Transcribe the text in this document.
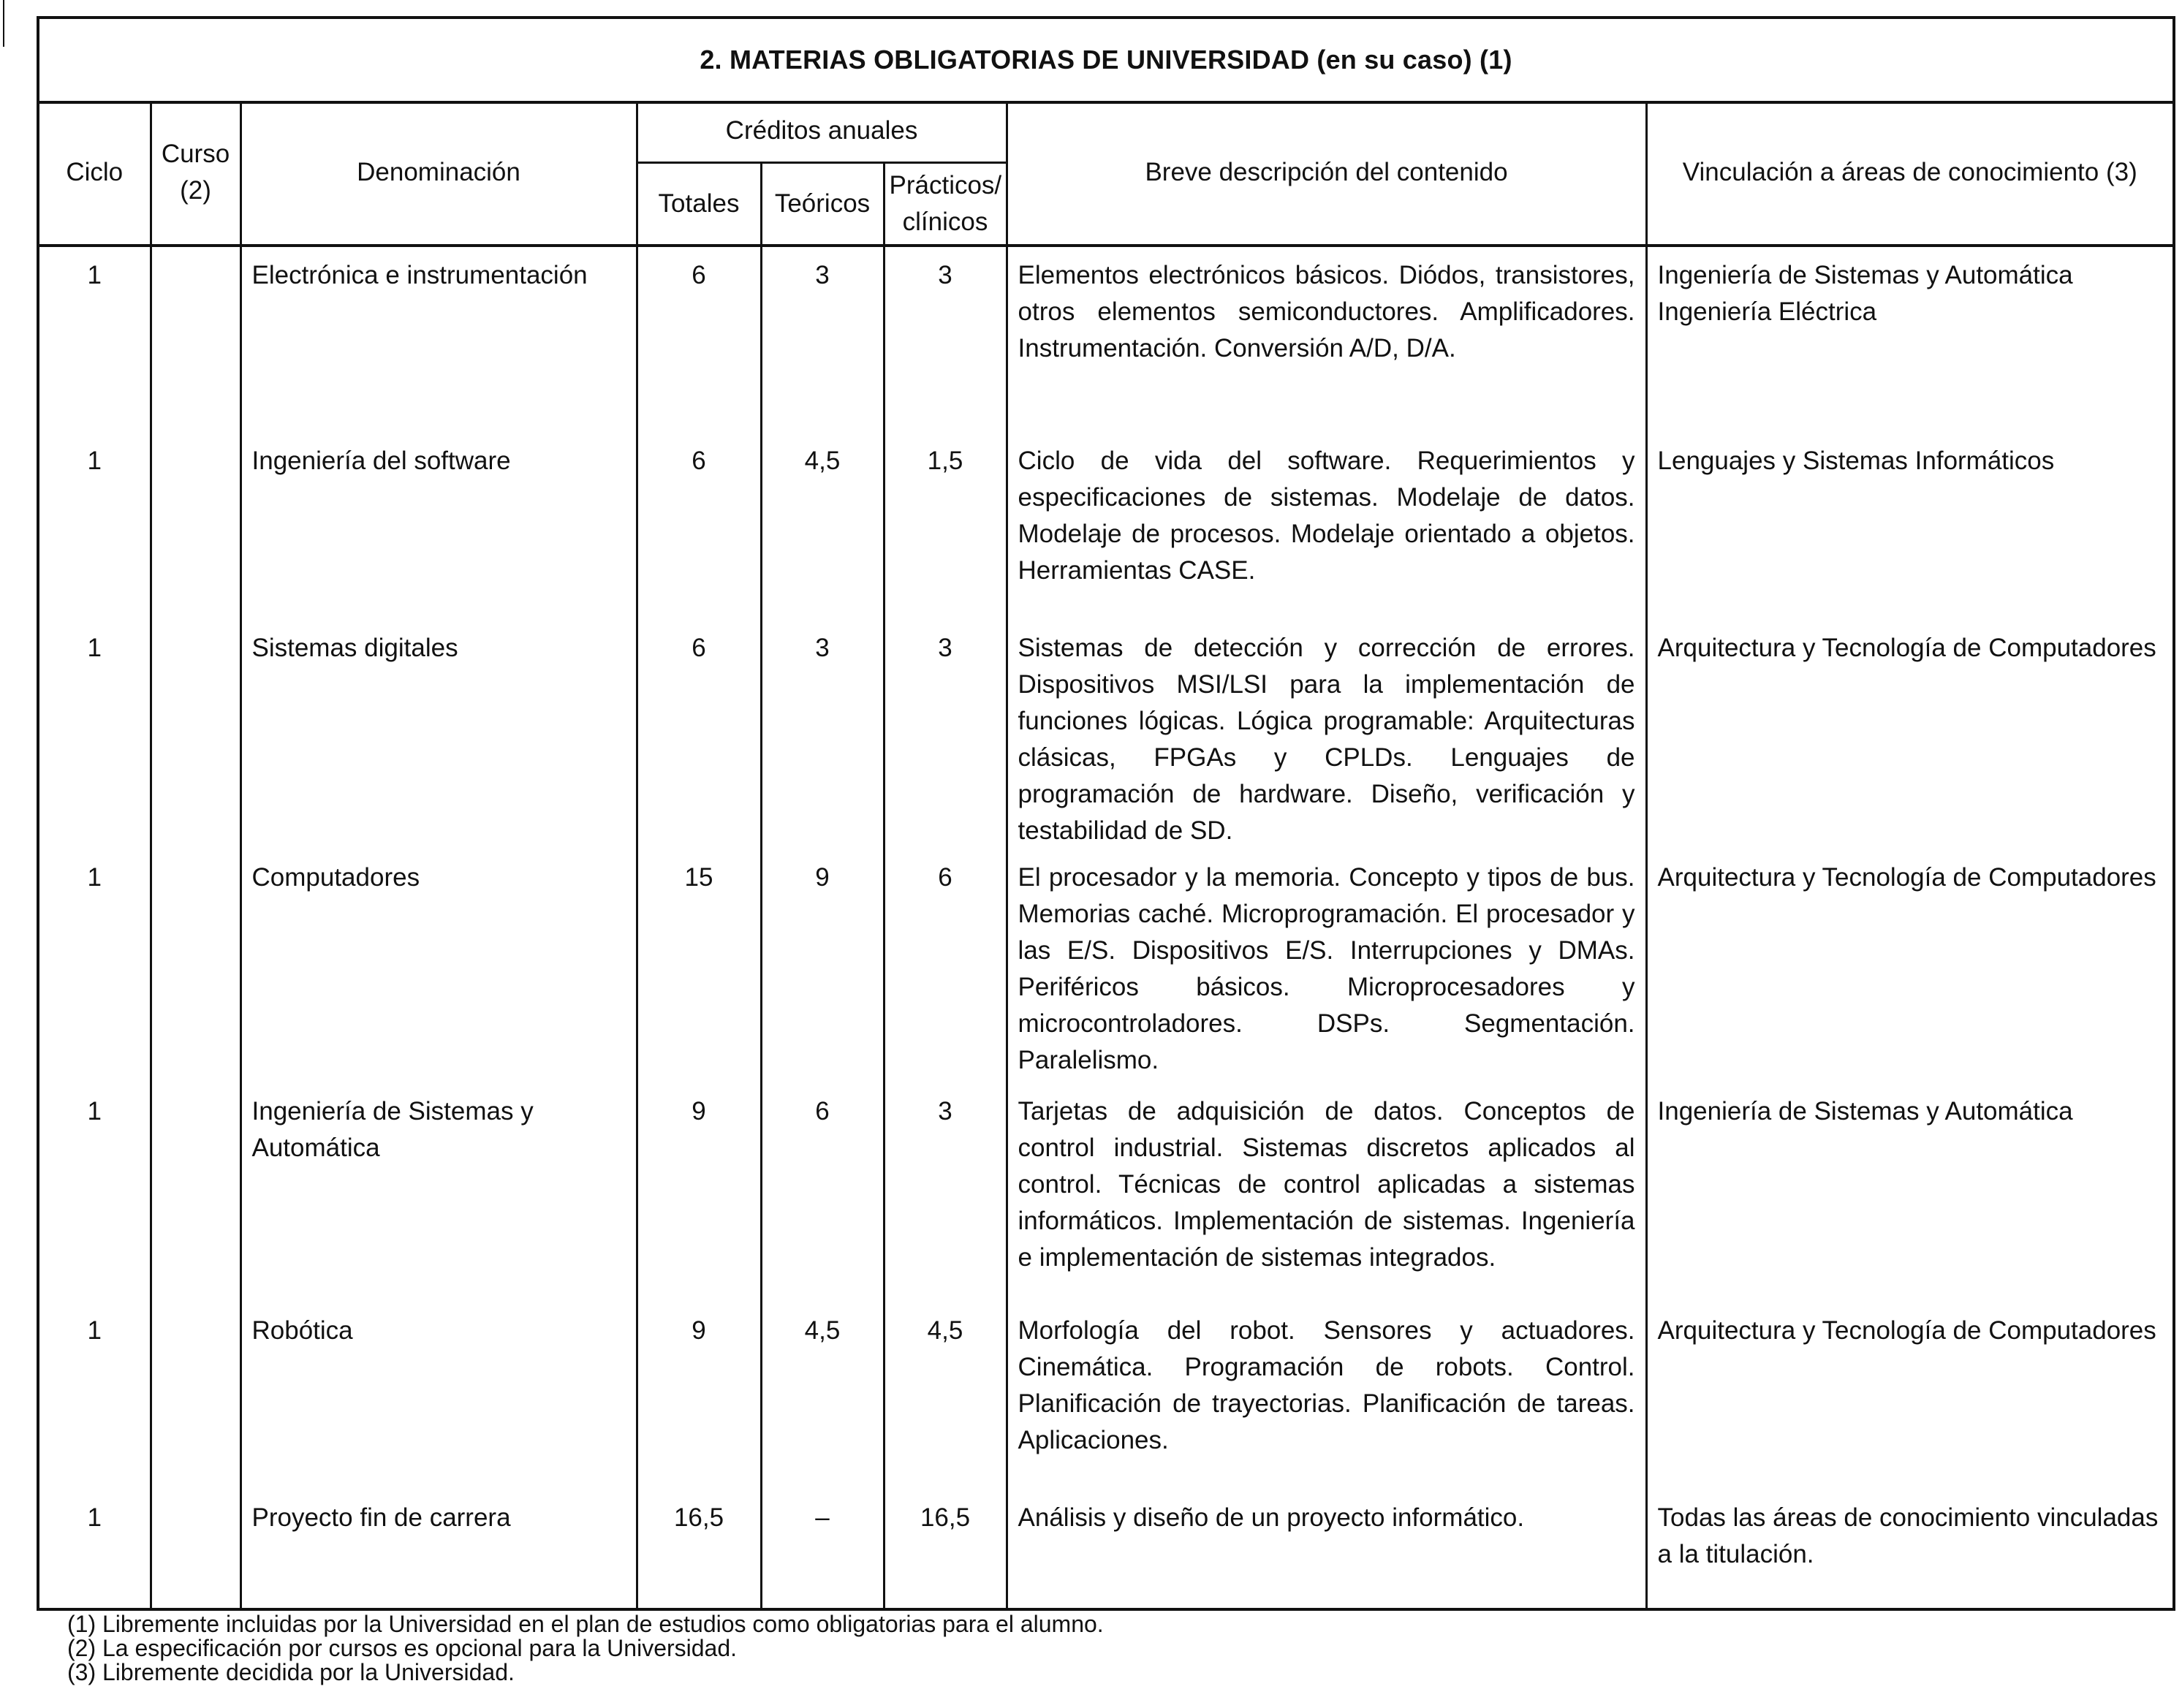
2. MATERIAS OBLIGATORIAS DE UNIVERSIDAD (en su caso) (1)
Ciclo	Curso (2)	Denominación	Créditos anuales			Breve descripción del contenido	Vinculación a áreas de conocimiento (3)
			Totales	Teóricos	Prácticos/ clínicos		
1		Electrónica e instrumentación	6	3	3	Elementos electrónicos básicos. Diódos, transistores, otros elementos semiconductores. Amplificadores. Instrumentación. Conversión A/D, D/A.	Ingeniería de Sistemas y Automática Ingeniería Eléctrica
1		Ingeniería del software	6	4,5	1,5	Ciclo de vida del software. Requerimientos y especificaciones de sistemas. Modelaje de datos. Modelaje de procesos. Modelaje orientado a objetos. Herramientas CASE.	Lenguajes y Sistemas Informáticos
1		Sistemas digitales	6	3	3	Sistemas de detección y corrección de errores. Dispositivos MSI/LSI para la implementación de funciones lógicas. Lógica programable: Arquitecturas clásicas, FPGAs y CPLDs. Lenguajes de programación de hardware. Diseño, verificación y testabilidad de SD.	Arquitectura y Tecnología de Computadores
1		Computadores	15	9	6	El procesador y la memoria. Concepto y tipos de bus. Memorias caché. Microprogramación. El procesador y las E/S. Dispositivos E/S. Interrupciones y DMAs. Periféricos básicos. Microprocesadores y microcontroladores. DSPs. Segmentación. Paralelismo.	Arquitectura y Tecnología de Computadores
1		Ingeniería de Sistemas y Automática	9	6	3	Tarjetas de adquisición de datos. Conceptos de control industrial. Sistemas discretos aplicados al control. Técnicas de control aplicadas a sistemas informáticos. Implementación de sistemas. Ingeniería e implementación de sistemas integrados.	Ingeniería de Sistemas y Automática
1		Robótica	9	4,5	4,5	Morfología del robot. Sensores y actuadores. Cinemática. Programación de robots. Control. Planificación de trayectorias. Planificación de tareas. Aplicaciones.	Arquitectura y Tecnología de Computadores
1		Proyecto fin de carrera	16,5	–	16,5	Análisis y diseño de un proyecto informático.	Todas las áreas de conocimiento vinculadas a la titulación.
(1) Libremente incluidas por la Universidad en el plan de estudios como obligatorias para el alumno.
(2) La especificación por cursos es opcional para la Universidad.
(3) Libremente decidida por la Universidad.
